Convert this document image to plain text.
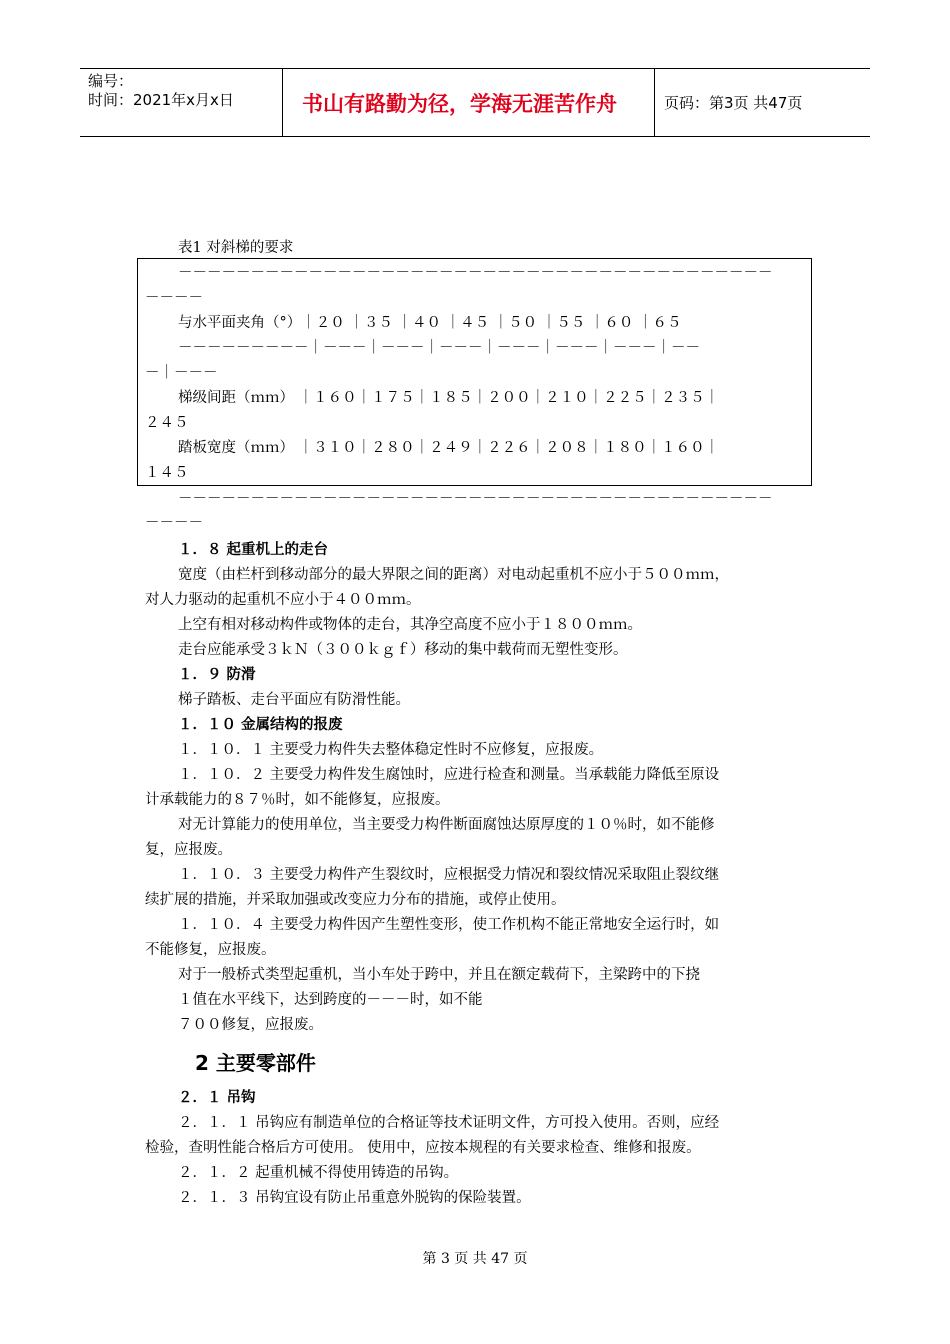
编号：
时间：2021年x月x日	书山有路勤为径，学海无涯苦作舟	页码：第3页 共47页
表1 对斜梯的要求
－－－－－－－－－－－－－－－－－－－－－－－－－－－－－－－－－－－－－－－－－
－－－－
与水平面夹角（°）｜２０ ｜３５ ｜４０ ｜４５ ｜５０ ｜５５ ｜６０ ｜６５
－－－－－－－－－｜－－－｜－－－｜－－－｜－－－｜－－－｜－－－｜－－
－｜－－－
梯级间距（ｍｍ） ｜１６０｜１７５｜１８５｜２００｜２１０｜２２５｜２３５｜
２４５
踏板宽度（ｍｍ） ｜３１０｜２８０｜２４９｜２２６｜２０８｜１８０｜１６０｜
１４５
－－－－－－－－－－－－－－－－－－－－－－－－－－－－－－－－－－－－－－－－－
－－－－
１．８ 起重机上的走台
宽度（由栏杆到移动部分的最大界限之间的距离）对电动起重机不应小于５００ｍｍ，
对人力驱动的起重机不应小于４００ｍｍ。
上空有相对移动构件或物体的走台，其净空高度不应小于１８００ｍｍ。
走台应能承受３ｋＮ（３００ｋｇｆ）移动的集中载荷而无塑性变形。
１．９ 防滑
梯子踏板、走台平面应有防滑性能。
１．１０ 金属结构的报废
１．１０．１ 主要受力构件失去整体稳定性时不应修复，应报废。
１．１０．２ 主要受力构件发生腐蚀时，应进行检查和测量。当承载能力降低至原设
计承载能力的８７％时，如不能修复，应报废。
对无计算能力的使用单位，当主要受力构件断面腐蚀达原厚度的１０％时，如不能修
复，应报废。
１．１０．３ 主要受力构件产生裂纹时，应根据受力情况和裂纹情况采取阻止裂纹继
续扩展的措施，并采取加强或改变应力分布的措施，或停止使用。
１．１０．４ 主要受力构件因产生塑性变形，使工作机构不能正常地安全运行时，如
不能修复，应报废。
对于一般桥式类型起重机，当小车处于跨中，并且在额定载荷下，主梁跨中的下挠
１值在水平线下，达到跨度的－－－时，如不能
７００修复，应报废。
2 主要零部件
２．１ 吊钩
２．１．１ 吊钩应有制造单位的合格证等技术证明文件，方可投入使用。否则，应经
检验，查明性能合格后方可使用。 使用中，应按本规程的有关要求检查、维修和报废。
２．１．２ 起重机械不得使用铸造的吊钩。
２．１．３ 吊钩宜设有防止吊重意外脱钩的保险装置。
第 3 页 共 47 页
